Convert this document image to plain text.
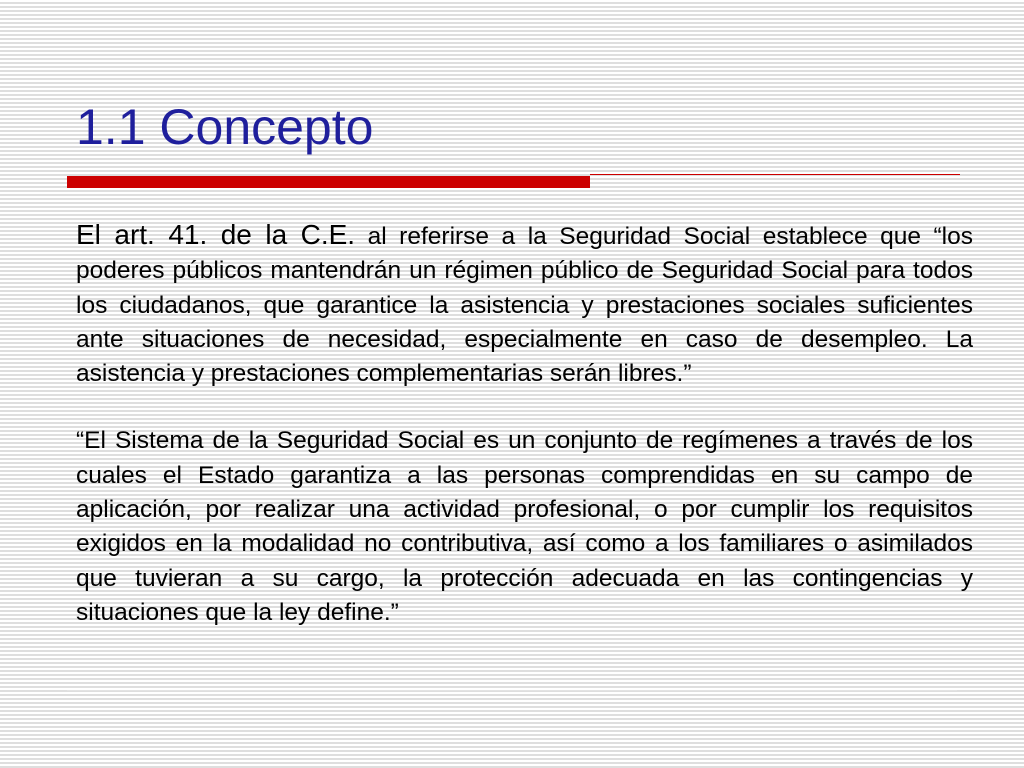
1.1 Concepto

El art. 41. de la C.E. al referirse a la Seguridad Social establece que “los poderes públicos mantendrán un régimen público de Seguridad Social para todos los ciudadanos, que garantice la asistencia y prestaciones sociales suficientes ante situaciones de necesidad, especialmente en caso de desempleo. La asistencia y prestaciones complementarias serán libres.”

“El Sistema de la Seguridad Social es un conjunto de regímenes a través de los cuales el Estado garantiza a las personas comprendidas en su campo de aplicación, por realizar una actividad profesional, o por cumplir los requisitos exigidos en la modalidad no contributiva, así como a los familiares o asimilados que tuvieran a su cargo, la protección adecuada en las contingencias y situaciones que la ley define.”
